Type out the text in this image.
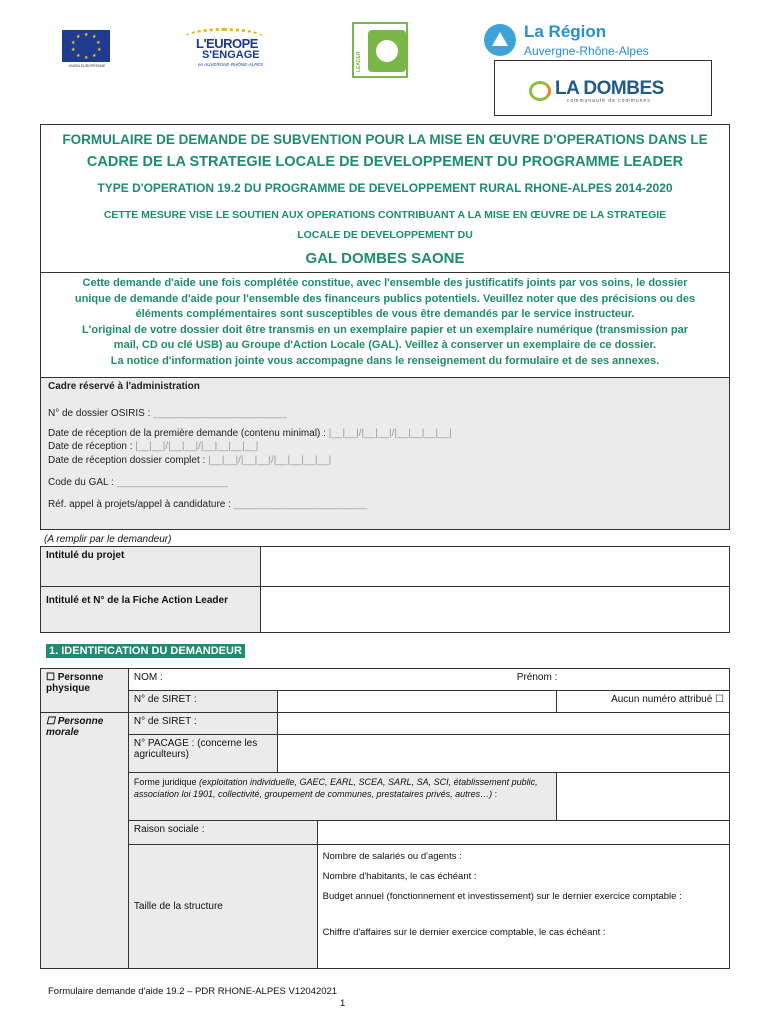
★ ★
★
★
★
★
★
★
★
★
UNION EUROPÉENNE
L'EUROPE
S'ENGAGE
en AUVERGNE-RHÔNE-ALPES	LEADER
La Région
Auvergne-Rhône-Alpes
LA DOMBES
communauté de communes
FORMULAIRE DE DEMANDE DE SUBVENTION POUR LA MISE EN ŒUVRE D'OPERATIONS DANS LE
CADRE DE LA STRATEGIE LOCALE DE DEVELOPPEMENT DU PROGRAMME LEADER
TYPE D'OPERATION 19.2 DU PROGRAMME DE DEVELOPPEMENT RURAL RHONE-ALPES 2014-2020
CETTE MESURE VISE LE SOUTIEN AUX OPERATIONS CONTRIBUANT A LA MISE EN ŒUVRE DE LA STRATEGIE
LOCALE DE DEVELOPPEMENT DU
GAL DOMBES SAONE
Cette demande d'aide une fois complétée constitue, avec l'ensemble des justificatifs joints par vos soins, le dossier
unique de demande d'aide pour l'ensemble des financeurs publics potentiels. Veuillez noter que des précisions ou des
éléments complémentaires sont susceptibles de vous être demandés par le service instructeur.
L'original de votre dossier doit être transmis en un exemplaire papier et un exemplaire numérique (transmission par
mail, CD ou clé USB) au Groupe d'Action Locale (GAL). Veillez à conserver un exemplaire de ce dossier.
La notice d'information jointe vous accompagne dans le renseignement du formulaire et de ses annexes.
Cadre réservé à l'administration
N° de dossier OSIRIS : ________________________
Date de réception de la première demande (contenu minimal) : |__|__|/|__|__|/|__|__|__|__|
Date de réception : |__|__|/|__|__|/|__|__|__|__|
Date de réception dossier complet : |__|__|/|__|__|/|__|__|__|__|
Code du GAL : ____________________
Réf. appel à projets/appel à candidature : ________________________
(A remplir par le demandeur)
Intitulé du projet	
Intitulé et N° de la Fiche Action Leader	
1. IDENTIFICATION DU DEMANDEUR
☐ Personne physique	NOM :			Prénom :	
	N° de SIRET :				Aucun numéro attribué ☐
☐ Personne morale	N° de SIRET :				
	N° PACAGE : (concerne les agriculteurs)				
	Forme juridique (exploitation individuelle, GAEC, EARL, SCEA, SARL, SA, SCI, établissement public, association loi 1901, collectivité, groupement de communes, prestataires privés, autres…) :				
	Raison sociale :				
	Taille de la structure		Nombre de salariés ou d'agents :
Nombre d'habitants, le cas échéant :
Budget annuel (fonctionnement et investissement) sur le dernier exercice comptable :
Chiffre d'affaires sur le dernier exercice comptable, le cas échéant :		
Formulaire demande d'aide 19.2 – PDR RHONE-ALPES V12042021
1
